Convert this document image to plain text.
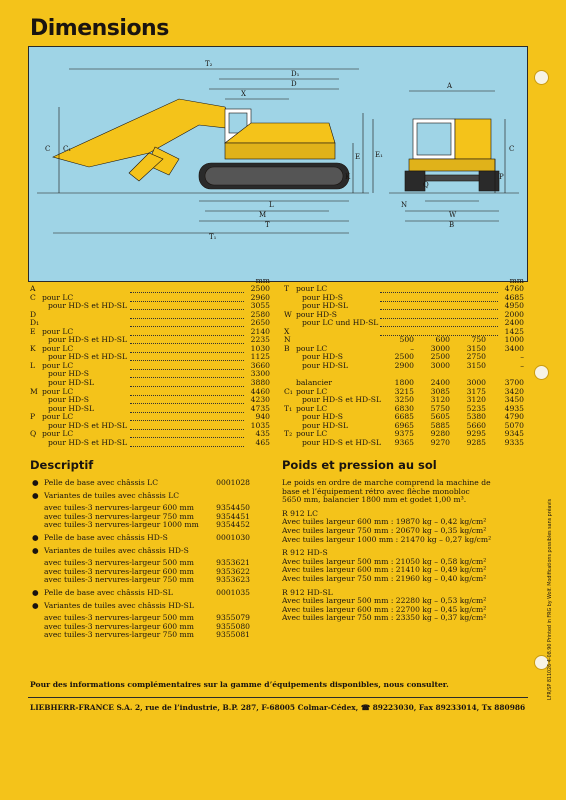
Dimensions
T₂
D₁
D
X
C C₁
E E₁
K
L
M
T
T₁
A
C
P
Q
N
W
B
mm
A	2500
C pour LC	2960
pour HD-S et HD-SL	3055
D	2580
D₁	2650
E pour LC	2140
pour HD-S et HD-SL	2235
K pour LC	1030
pour HD-S et HD-SL	1125
L pour LC	3660
pour HD-S	3300
pour HD-SL	3880
M pour LC	4460
pour HD-S	4230
pour HD-SL	4735
P pour LC	940
pour HD-S et HD-SL	1035
Q pour LC	435
pour HD-S et HD-SL	465
mm
T pour LC	4760
pour HD-S	4685
pour HD-SL	4950
W pour HD-S	2000
pour LC und HD-SL	2400
X	1425
N	500	600	750 1000
B pour LC	– 3000 3150 3400
pour HD-S	2500 2500 2750	–
pour HD-SL	2900 3000 3150	–
balancier	1800 2400 3000 3700
C₁ pour LC	3215 3085 3175 3420
pour HD-S et HD-SL 3250 3120 3120 3450
T₁ pour LC	6830 5750 5235 4935
pour HD-S	6685 5605 5380 4790
pour HD-SL	6965 5885 5660 5070
T₂ pour LC	9375 9280 9295 9345
pour HD-S et HD-SL 9365 9270 9285 9335
Descriptif
● Pelle de base avec châssis LC	0001028
● Variantes de tuiles avec châssis LC
avec tuiles-3 nervures-largeur 600 mm	9354450
avec tuiles-3 nervures-largeur 750 mm	9354451
avec tuiles-3 nervures-largeur 1000 mm 9354452
● Pelle de base avec châssis HD-S	0001030
● Variantes de tuiles avec châssis HD-S
avec tuiles-3 nervures-largeur 500 mm	9353621
avec tuiles-3 nervures-largeur 600 mm	9353622
avec tuiles-3 nervures-largeur 750 mm	9353623
● Pelle de base avec châssis HD-SL	0001035
● Variantes de tuiles avec châssis HD-SL
avec tuiles-3 nervures-largeur 500 mm	9355079
avec tuiles-3 nervures-largeur 600 mm	9355080
avec tuiles-3 nervures-largeur 750 mm	9355081
Poids et pression au sol
Le poids en ordre de marche comprend la machine de
base et l’équipement rétro avec flèche monobloc
5650 mm, balancier 1800 mm et godet 1,00 m³.
R 912 LC
Avec tuiles largeur 600 mm : 19870 kg – 0,42 kg/cm²
Avec tuiles largeur 750 mm : 20670 kg – 0,35 kg/cm²
Avec tuiles largeur 1000 mm : 21470 kg – 0,27 kg/cm²
R 912 HD-S
Avec tuiles largeur 500 mm : 21050 kg – 0,58 kg/cm²
Avec tuiles largeur 600 mm : 21410 kg – 0,49 kg/cm²
Avec tuiles largeur 750 mm : 21960 kg – 0,40 kg/cm²
R 912 HD-SL
Avec tuiles largeur 500 mm : 22280 kg – 0,53 kg/cm²
Avec tuiles largeur 600 mm : 22700 kg – 0,45 kg/cm²
Avec tuiles largeur 750 mm : 23350 kg – 0,37 kg/cm²
Pour des informations complémentaires sur la gamme d’équipements disponibles, nous consulter.
LIEBHERR-FRANCE S.A. 2, rue de l’industrie, B.P. 287, F-68005 Colmar-Cédex, ☎ 89223030, Fax 89233014, Tx 880986
LFR/SP 811026-4-08.90 Printed in FRG by Wolf. Modifications possibles sans préavis
